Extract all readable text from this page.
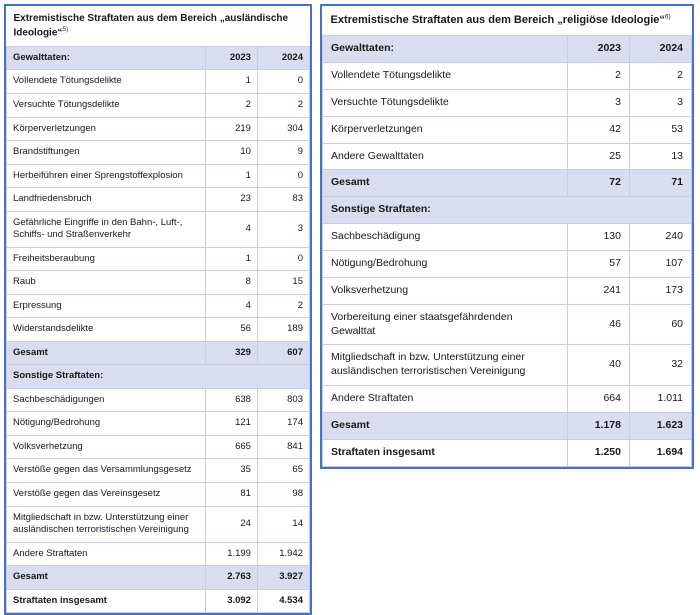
Extremistische Straftaten aus dem Bereich „ausländische Ideologie“$^{5)}$
Gewalttaten:	2023	2024
Vollendete Tötungsdelikte	1	0
Versuchte Tötungsdelikte	2	2
Körperverletzungen	219	304
Brandstiftungen	10	9
Herbeiführen einer Sprengstoffexplosion	1	0
Landfriedensbruch	23	83
Gefährliche Eingriffe in den Bahn-, Luft-, Schiffs- und Straßenverkehr	4	3
Freiheitsberaubung	1	0
Raub	8	15
Erpressung	4	2
Widerstandsdelikte	56	189
Gesamt	329	607
Sonstige Straftaten:		
Sachbeschädigungen	638	803
Nötigung/Bedrohung	121	174
Volksverhetzung	665	841
Verstöße gegen das Versammlungsgesetz	35	65
Verstöße gegen das Vereinsgesetz	81	98
Mitgliedschaft in bzw. Unterstützung einer ausländischen terroristischen Vereinigung	24	14
Andere Straftaten	1.199	1.942
Gesamt	2.763	3.927
Straftaten insgesamt	3.092	4.534
Extremistische Straftaten aus dem Bereich „religiöse Ideologie“$^{6)}$
Gewalttaten:	2023	2024
Vollendete Tötungsdelikte	2	2
Versuchte Tötungsdelikte	3	3
Körperverletzungen	42	53
Andere Gewalttaten	25	13
Gesamt	72	71
Sonstige Straftaten:		
Sachbeschädigung	130	240
Nötigung/Bedrohung	57	107
Volksverhetzung	241	173
Vorbereitung einer staatsgefährdenden Gewalttat	46	60
Mitgliedschaft in bzw. Unterstützung einer ausländischen terroristischen Vereinigung	40	32
Andere Straftaten	664	1.011
Gesamt	1.178	1.623
Straftaten insgesamt	1.250	1.694
